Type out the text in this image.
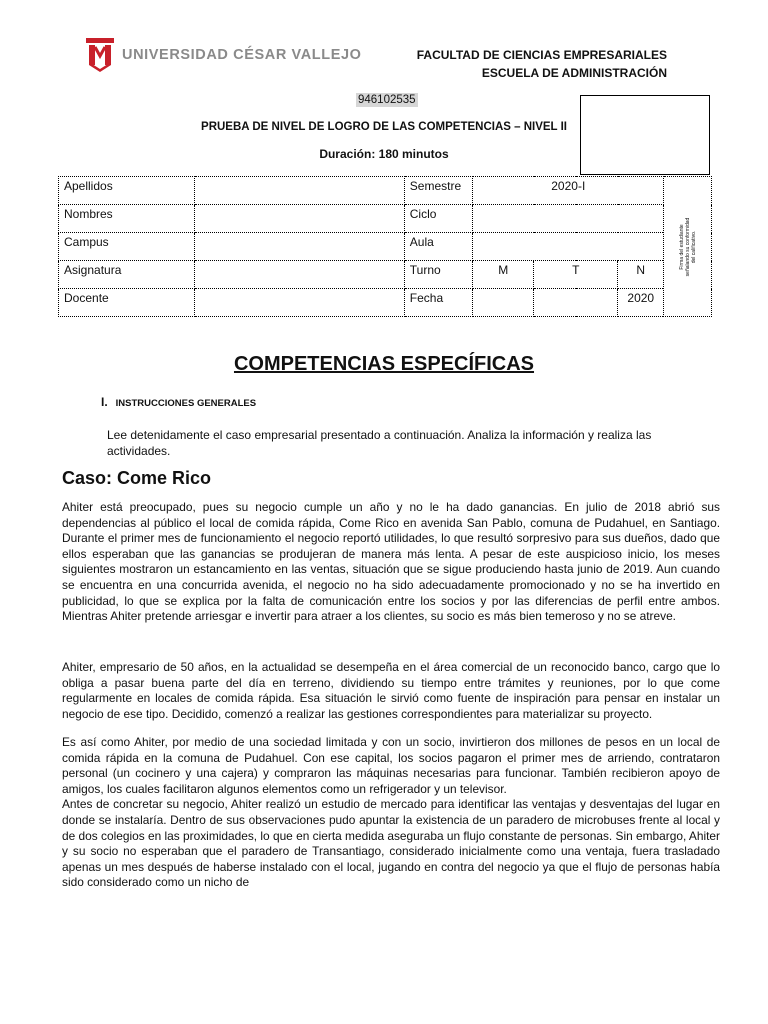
UNIVERSIDAD CÉSAR VALLEJO	FACULTAD DE CIENCIAS EMPRESARIALES
ESCUELA DE ADMINISTRACIÓN
946102535
PRUEBA DE NIVEL DE LOGRO DE LAS COMPETENCIAS – NIVEL II
Duración: 180 minutos
Apellidos		Semestre	2020-I			Firma del estudiante señalando su conformidad del calificativo.

Nombres		Ciclo				
Campus		Aula				
Asignatura		Turno	M	T	N	
Docente		Fecha			2020	
COMPETENCIAS ESPECÍFICAS
I. INSTRUCCIONES GENERALES
Lee detenidamente el caso empresarial presentado a continuación. Analiza la información y realiza las actividades.
Caso: Come Rico
Ahiter está preocupado, pues su negocio cumple un año y no le ha dado ganancias. En julio de 2018 abrió sus dependencias al público el local de comida rápida, Come Rico en avenida San Pablo, comuna de Pudahuel, en Santiago. Durante el primer mes de funcionamiento el negocio reportó utilidades, lo que resultó sorpresivo para sus dueños, dado que ellos esperaban que las ganancias se produjeran de manera más lenta. A pesar de este auspicioso inicio, los meses siguientes mostraron un estancamiento en las ventas, situación que se sigue produciendo hasta junio de 2019. Aun cuando se encuentra en una concurrida avenida, el negocio no ha sido adecuadamente promocionado y no se ha invertido en publicidad, lo que se explica por la falta de comunicación entre los socios y por las diferencias de perfil entre ambos. Mientras Ahiter pretende arriesgar e invertir para atraer a los clientes, su socio es más bien temeroso y no se atreve.
Ahiter, empresario de 50 años, en la actualidad se desempeña en el área comercial de un reconocido banco, cargo que lo obliga a pasar buena parte del día en terreno, dividiendo su tiempo entre trámites y reuniones, por lo que come regularmente en locales de comida rápida. Esa situación le sirvió como fuente de inspiración para pensar en instalar un negocio de ese tipo. Decidido, comenzó a realizar las gestiones correspondientes para materializar su proyecto.
Es así como Ahiter, por medio de una sociedad limitada y con un socio, invirtieron dos millones de pesos en un local de comida rápida en la comuna de Pudahuel. Con ese capital, los socios pagaron el primer mes de arriendo, contrataron personal (un cocinero y una cajera) y compraron las máquinas necesarias para funcionar. También recibieron apoyo de amigos, los cuales facilitaron algunos elementos como un refrigerador y un televisor.
Antes de concretar su negocio, Ahiter realizó un estudio de mercado para identificar las ventajas y desventajas del lugar en donde se instalaría. Dentro de sus observaciones pudo apuntar la existencia de un paradero de microbuses frente al local y de dos colegios en las proximidades, lo que en cierta medida aseguraba un flujo constante de personas. Sin embargo, Ahiter y su socio no esperaban que el paradero de Transantiago, considerado inicialmente como una ventaja, fuera trasladado apenas un mes después de haberse instalado con el local, jugando en contra del negocio ya que el flujo de personas había sido considerado como un nicho de
